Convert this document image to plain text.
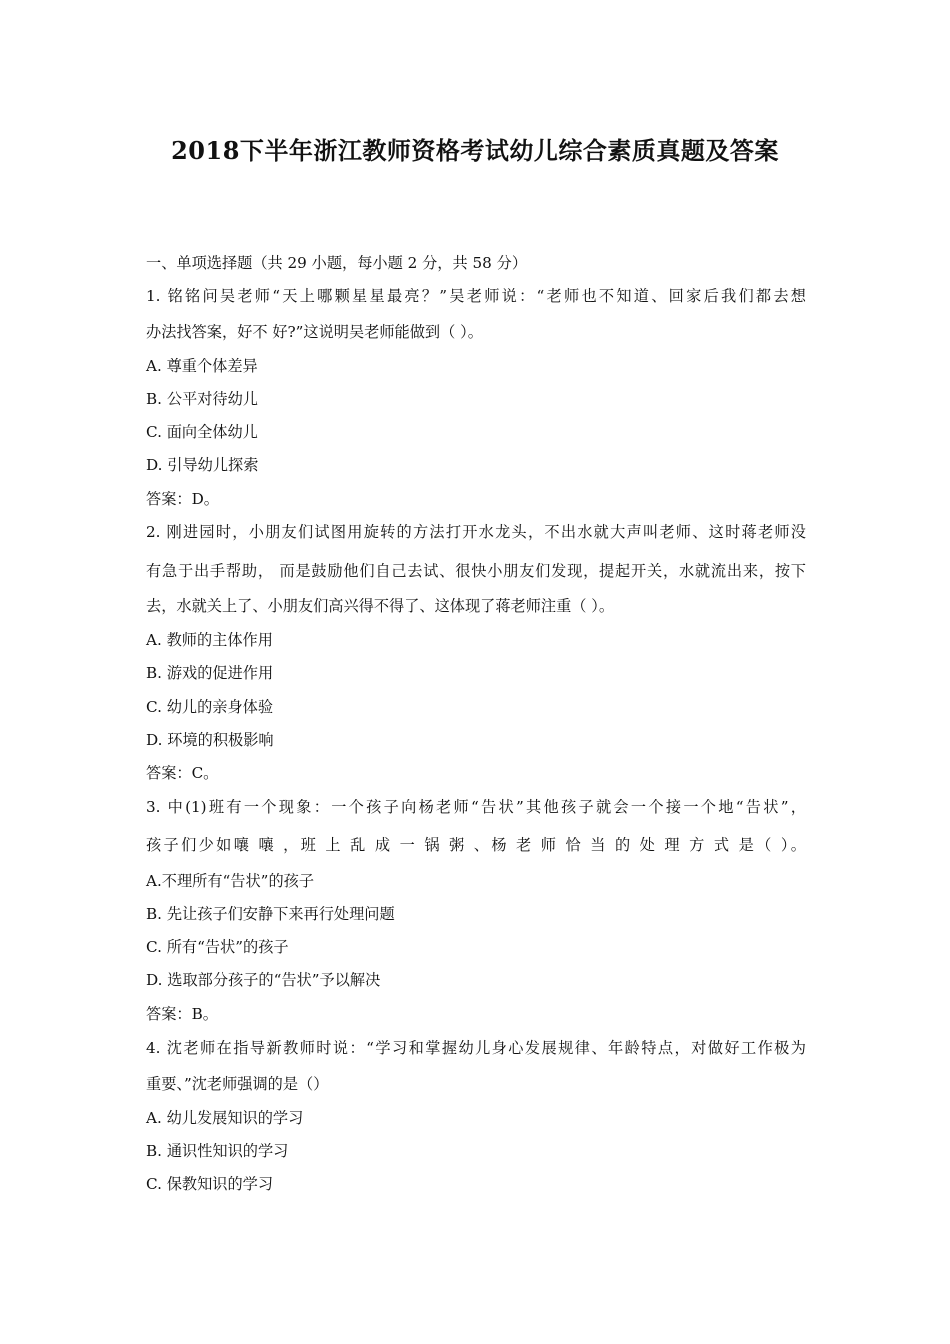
2018下半年浙江教师资格考试幼儿综合素质真题及答案
一、单项选择题（共 29 小题，每小题 2 分，共 58 分）
1. 铭铭问吴老师“天上哪颗星星最亮？”吴老师说：“老师也不知道、回家后我们都去想
办法找答案，好不 好?”这说明吴老师能做到（ ）。
A. 尊重个体差异
B. 公平对待幼儿
C. 面向全体幼儿
D. 引导幼儿探索
答案：D。
2. 刚进园时，小朋友们试图用旋转的方法打开水龙头，不出水就大声叫老师、这时蒋老师没
有急于出手帮助， 而是鼓励他们自己去试、很快小朋友们发现，提起开关，水就流出来，按下
去，水就关上了、小朋友们高兴得不得了、这体现了蒋老师注重（ ）。
A. 教师的主体作用
B. 游戏的促进作用
C. 幼儿的亲身体验
D. 环境的积极影响
答案：C。
3. 中(1)班有一个现象：一个孩子向杨老师“告状”其他孩子就会一个接一个地“告状”，
孩子们少如嚷 嚷 ，班 上 乱 成 一 锅 粥 、杨 老 师 恰 当 的 处 理 方 式 是（ ）。
A.不理所有“告状”的孩子
B. 先让孩子们安静下来再行处理问题
C. 所有“告状”的孩子
D. 选取部分孩子的“告状”予以解决
答案：B。
4. 沈老师在指导新教师时说：“学习和掌握幼儿身心发展规律、年龄特点，对做好工作极为
重要、”沈老师强调的是（）
A. 幼儿发展知识的学习
B. 通识性知识的学习
C. 保教知识的学习
